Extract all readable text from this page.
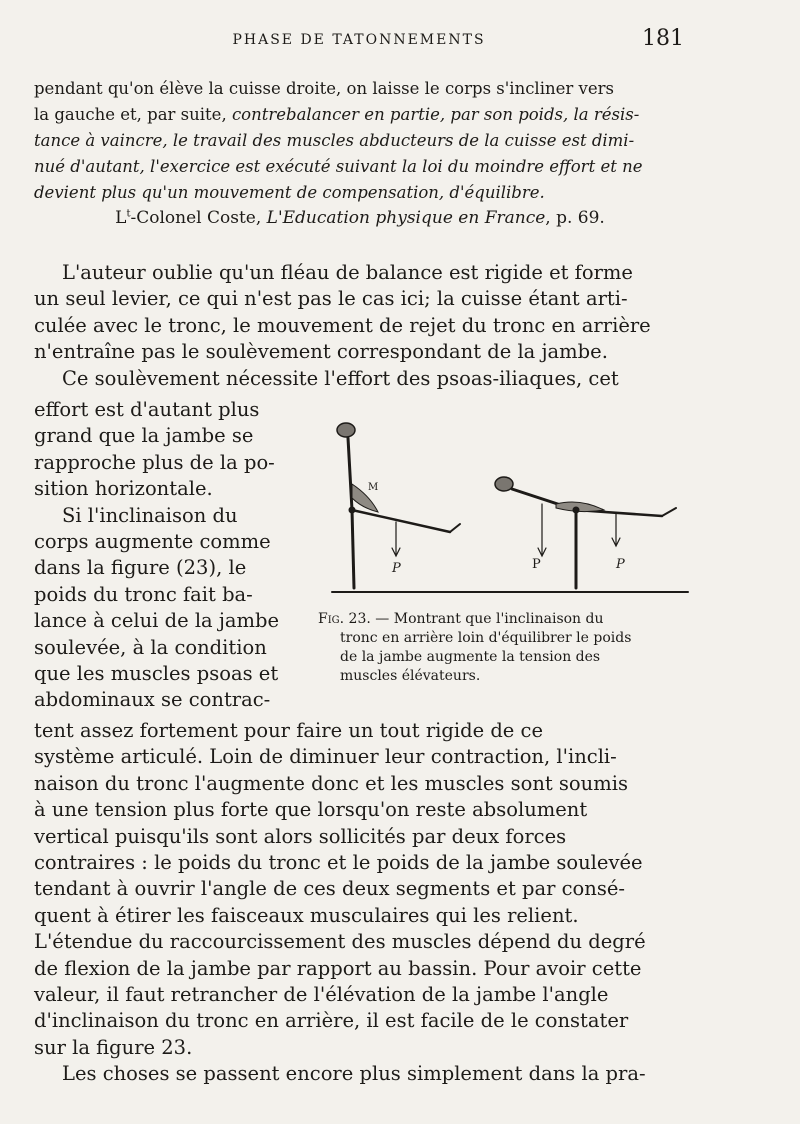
PHASE DE TATONNEMENTS	181

pendant qu'on élève la cuisse droite, on laisse le corps s'incliner vers

la gauche et, par suite, contrebalancer en partie, par son poids, la résis-

tance à vaincre, le travail des muscles abducteurs de la cuisse est dimi-

nué d'autant, l'exercice est exécuté suivant la loi du moindre effort et ne

devient plus qu'un mouvement de compensation, d'équilibre.

$L^t$-Colonel Coste, L'Education physique en France, p. 69.

L'auteur oublie qu'un fléau de balance est rigide et forme

un seul levier, ce qui n'est pas le cas ici; la cuisse étant arti-

culée avec le tronc, le mouvement de rejet du tronc en arrière

n'entraîne pas le soulèvement correspondant de la jambe.

Ce soulèvement nécessite l'effort des psoas-iliaques, cet

effort est d'autant plus

grand que la jambe se

rapproche plus de la po-

sition horizontale.

Si l'inclinaison du

corps augmente comme

dans la figure (23), le

poids du tronc fait ba-

lance à celui de la jambe

soulevée, à la condition

que les muscles psoas et

abdominaux se contrac-

M
P	P	P
Fig. 23. — Montrant que l'inclinaison du
tronc en arrière loin d'équilibrer le poids
de la jambe augmente la tension des
muscles élévateurs.

tent assez fortement pour faire un tout rigide de ce

système articulé. Loin de diminuer leur contraction, l'incli-

naison du tronc l'augmente donc et les muscles sont soumis

à une tension plus forte que lorsqu'on reste absolument

vertical puisqu'ils sont alors sollicités par deux forces

contraires : le poids du tronc et le poids de la jambe soulevée

tendant à ouvrir l'angle de ces deux segments et par consé-

quent à étirer les faisceaux musculaires qui les relient.

L'étendue du raccourcissement des muscles dépend du degré

de flexion de la jambe par rapport au bassin. Pour avoir cette

valeur, il faut retrancher de l'élévation de la jambe l'angle

d'inclinaison du tronc en arrière, il est facile de le constater

sur la figure 23.

Les choses se passent encore plus simplement dans la pra-
